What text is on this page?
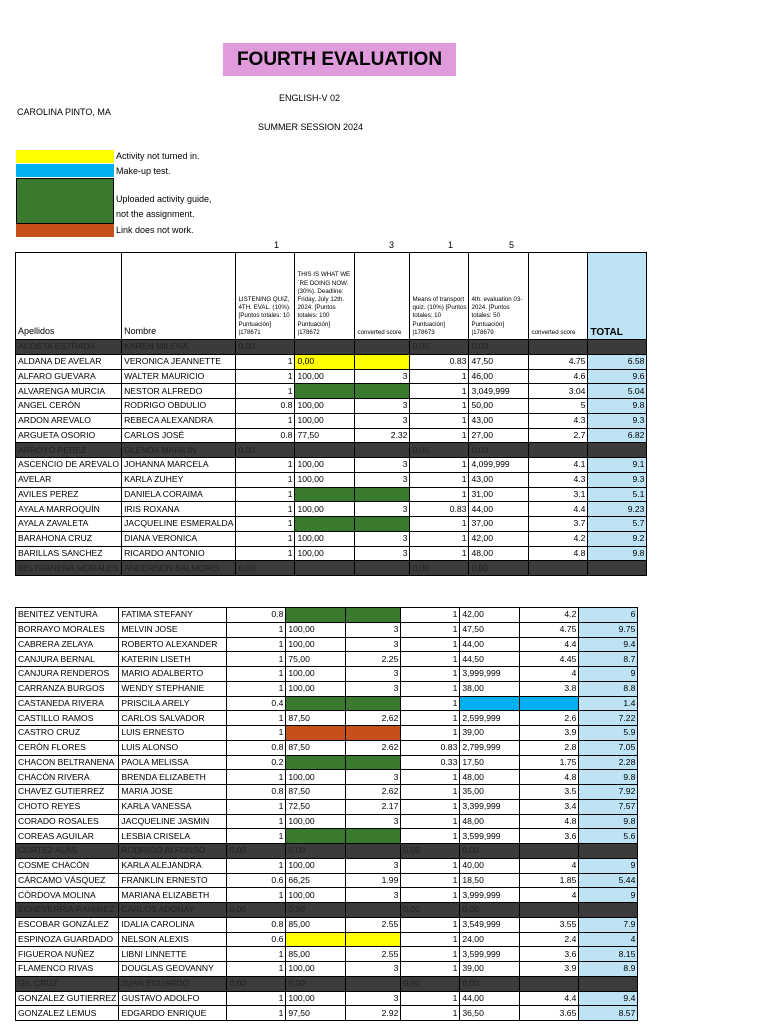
FOURTH EVALUATION
ENGLISH-V 02
CAROLINA PINTO, MA
SUMMER SESSION 2024
Activity not turned in.
Make-up test.
Uploaded activity guide,
not the assignment.
Link does not work.
1	3	1	5
Apellidos	Nombre	LISTENING QUIZ, 4TH. EVAL. (10%). [Puntos totales: 10 Puntuación] |178671	THIS IS WHAT WE´RE DOING NOW. (30%). Deadline: Friday, July 12th. 2024. [Puntos totales: 100 Puntuación] |178672	converted score	Means of transport quiz. (10%) [Puntos totales: 10 Puntuación] |178673	4th. evaluation 03-2024. [Puntos totales: 50 Puntuación] |178679	converted score	TOTAL
ACOSTA ESTRADA	KAREN MILENA	0,00			0,00	0,00		
ALDANA DE AVELAR	VERONICA JEANNETTE	1	0,00		0.83	47,50	4.75	6.58
ALFARO GUEVARA	WALTER MAURICIO	1	100,00	3	1	46,00	4.6	9.6
ALVARENGA MURCIA	NESTOR ALFREDO	1			1	3,049,999	3.04	5.04
ANGEL CERÓN	RODRIGO OBDULIO	0.8	100,00	3	1	50,00	5	9.8
ARDON AREVALO	REBECA ALEXANDRA	1	100,00	3	1	43,00	4.3	9.3
ARGUETA OSORIO	CARLOS JOSÉ	0.8	77,50	2.32	1	27,00	2.7	6.82
ARROYO PEREZ	GLENDA MARILIN	0,00			0,00	0,00		
ASCENCIO DE AREVALO	JOHANNA MARCELA	1	100,00	3	1	4,099,999	4.1	9.1
AVELAR	KARLA ZUHEY	1	100,00	3	1	43,00	4.3	9.3
AVILES PEREZ	DANIELA CORAIMA	1			1	31,00	3.1	5.1
AYALA MARROQUÍN	IRIS ROXANA	1	100,00	3	0.83	44,00	4.4	9.23
AYALA ZAVALETA	JACQUELINE ESMERALDA	1			1	37,00	3.7	5.7
BARAHONA CRUZ	DIANA VERONICA	1	100,00	3	1	42,00	4.2	9.2
BARILLAS SANCHEZ	RICARDO ANTONIO	1	100,00	3	1	48,00	4.8	9.8
BELTRANENA MORALES	ANDERSON BALMORIS	0,00			0,00	0,00		
BENITEZ VENTURA	FATIMA STEFANY	0.8			1	42,00	4.2	6
BORRAYO MORALES	MELVIN JOSE	1	100,00	3	1	47,50	4.75	9.75
CABRERA ZELAYA	ROBERTO ALEXANDER	1	100,00	3	1	44,00	4.4	9.4
CANJURA BERNAL	KATERIN LISETH	1	75,00	2.25	1	44,50	4.45	8.7
CANJURA RENDEROS	MARIO ADALBERTO	1	100,00	3	1	3,999,999	4	9
CARRANZA BURGOS	WENDY STEPHANIE	1	100,00	3	1	38,00	3.8	8.8
CASTANEDA RIVERA	PRISCILA ARELY	0.4			1			1.4
CASTILLO RAMOS	CARLOS SALVADOR	1	87,50	2.62	1	2,599,999	2.6	7.22
CASTRO CRUZ	LUIS ERNESTO	1			1	39,00	3.9	5.9
CERÓN FLORES	LUIS ALONSO	0.8	87,50	2.62	0.83	2,799,999	2.8	7.05
CHACON BELTRANENA	PAOLA MELISSA	0.2			0.33	17,50	1.75	2.28
CHACÓN RIVERA	BRENDA ELIZABETH	1	100,00	3	1	48,00	4.8	9.8
CHAVEZ GUTIERREZ	MARIA JOSE	0.8	87,50	2.62	1	35,00	3.5	7.92
CHOTO REYES	KARLA VANESSA	1	72,50	2.17	1	3,399,999	3.4	7.57
CORADO ROSALES	JACQUELINE JASMIN	1	100,00	3	1	48,00	4.8	9.8
COREAS AGUILAR	LESBIA CRISELA	1			1	3,599,999	3.6	5.6
CORTEZ ALAS	RODRIGO ALFONSO	0,00	0,00		0,00	0,00		
COSME CHACÓN	KARLA ALEJANDRA	1	100,00	3	1	40,00	4	9
CÁRCAMO VÁSQUEZ	FRANKLIN ERNESTO	0.6	66,25	1.99	1	18,50	1.85	5.44
CÓRDOVA MOLINA	MARIANA ELIZABETH	1	100,00	3	1	3,999,999	4	9
ECHEVERRIA RAMIREZ	CARLOS ADONAY	0,00	0,00		0,00	0,00		
ESCOBAR GONZÁLEZ	IDALIA CAROLINA	0.8	85,00	2.55	1	3,549,999	3.55	7.9
ESPINOZA GUARDADO	NELSON ALEXIS	0.6			1	24,00	2.4	4
FIGUEROA NUÑEZ	LIBNI LINNETTE	1	85,00	2.55	1	3,599,999	3.6	8.15
FLAMENCO RIVAS	DOUGLAS GEOVANNY	1	100,00	3	1	39,00	3.9	8.9
GIL CRUZ	JUAN EDUARDO	0,00	0,00		0,00	0,00		
GONZALEZ GUTIERREZ	GUSTAVO ADOLFO	1	100,00	3	1	44,00	4.4	9.4
GONZALEZ LEMUS	EDGARDO ENRIQUE	1	97,50	2.92	1	36,50	3.65	8.57
